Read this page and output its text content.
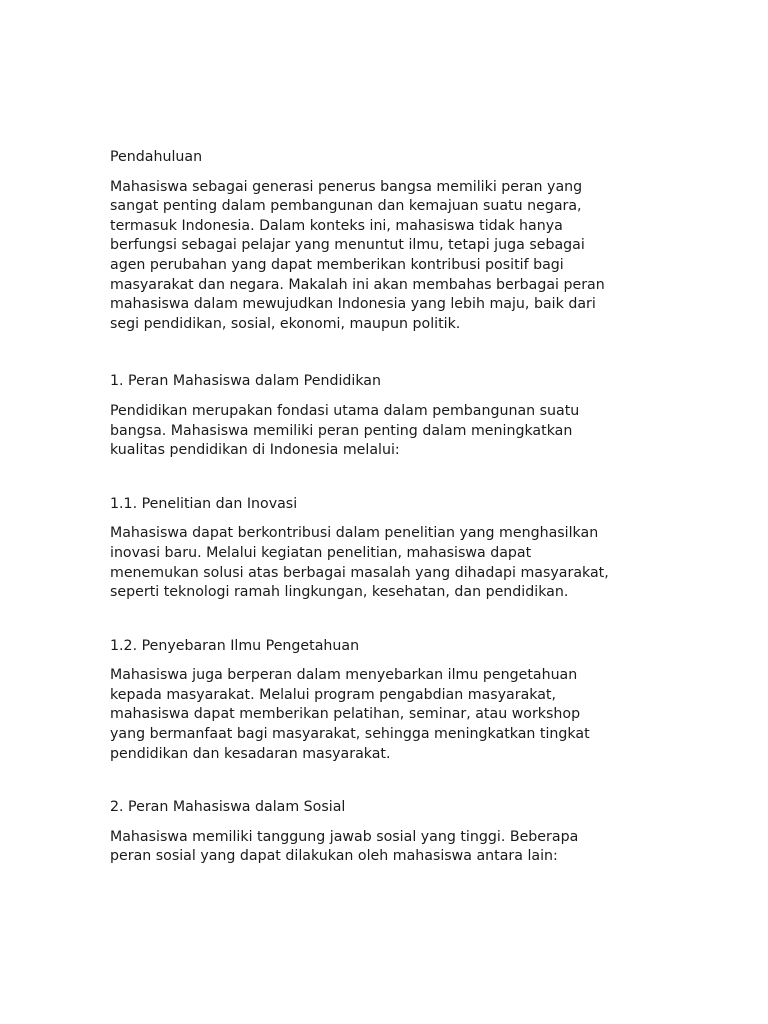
Pendahuluan

Mahasiswa sebagai generasi penerus bangsa memiliki peran yang
sangat penting dalam pembangunan dan kemajuan suatu negara,
termasuk Indonesia. Dalam konteks ini, mahasiswa tidak hanya
berfungsi sebagai pelajar yang menuntut ilmu, tetapi juga sebagai
agen perubahan yang dapat memberikan kontribusi positif bagi
masyarakat dan negara. Makalah ini akan membahas berbagai peran
mahasiswa dalam mewujudkan Indonesia yang lebih maju, baik dari
segi pendidikan, sosial, ekonomi, maupun politik.

1. Peran Mahasiswa dalam Pendidikan

Pendidikan merupakan fondasi utama dalam pembangunan suatu
bangsa. Mahasiswa memiliki peran penting dalam meningkatkan
kualitas pendidikan di Indonesia melalui:

1.1. Penelitian dan Inovasi

Mahasiswa dapat berkontribusi dalam penelitian yang menghasilkan
inovasi baru. Melalui kegiatan penelitian, mahasiswa dapat
menemukan solusi atas berbagai masalah yang dihadapi masyarakat,
seperti teknologi ramah lingkungan, kesehatan, dan pendidikan.

1.2. Penyebaran Ilmu Pengetahuan

Mahasiswa juga berperan dalam menyebarkan ilmu pengetahuan
kepada masyarakat. Melalui program pengabdian masyarakat,
mahasiswa dapat memberikan pelatihan, seminar, atau workshop
yang bermanfaat bagi masyarakat, sehingga meningkatkan tingkat
pendidikan dan kesadaran masyarakat.

2. Peran Mahasiswa dalam Sosial

Mahasiswa memiliki tanggung jawab sosial yang tinggi. Beberapa
peran sosial yang dapat dilakukan oleh mahasiswa antara lain:
